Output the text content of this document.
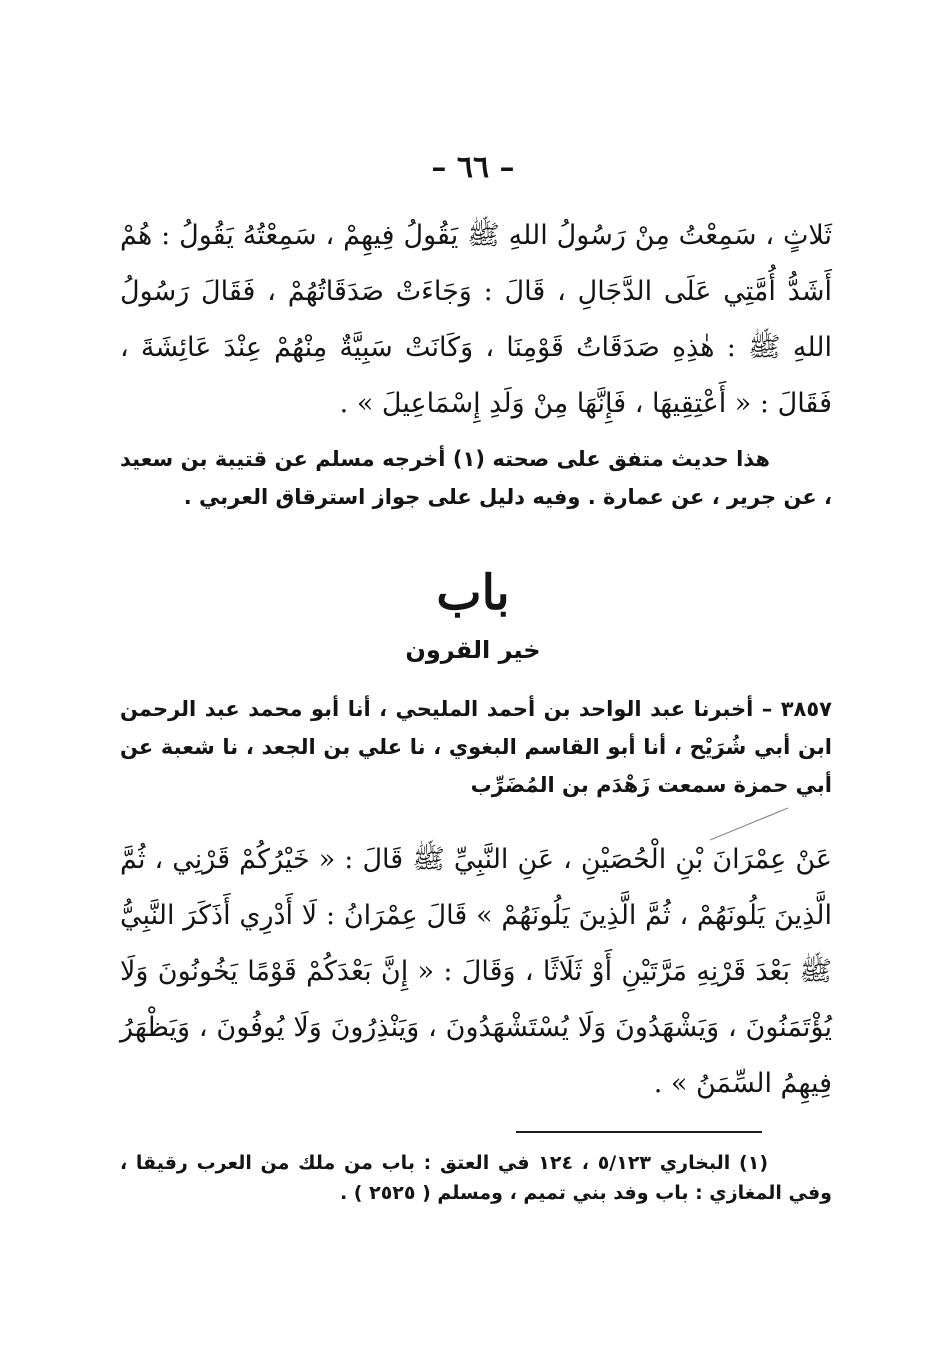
– ٦٦ –

ثَلاثٍ ، سَمِعْتُ مِنْ رَسُولُ اللهِ ﷺ يَقُولُ فِيهِمْ ، سَمِعْتُهُ يَقُولُ : هُمْ أَشَدُّ أُمَّتِي عَلَى الدَّجَالِ ، قَالَ : وَجَاءَتْ صَدَقَاتُهُمْ ، فَقَالَ رَسُولُ اللهِ ﷺ : هٰذِهِ صَدَقَاتُ قَوْمِنَا ، وَكَانَتْ سَبِيَّةٌ مِنْهُمْ عِنْدَ عَائِشَةَ ، فَقَالَ : « أَعْتِقِيهَا ، فَإِنَّهَا مِنْ وَلَدِ إِسْمَاعِيلَ » .

هذا حديث متفق على صحته (١) أخرجه مسلم عن قتيبة بن سعيد ، عن جرير ، عن عمارة . وفيه دليل على جواز استرقاق العربي .

باب
خير القرون

٣٨٥٧ – أخبرنا عبد الواحد بن أحمد المليحي ، أنا أبو محمد عبد الرحمن ابن أبي شُرَيْح ، أنا أبو القاسم البغوي ، نا علي بن الجعد ، نا شعبة عن أبي حمزة سمعت زَهْدَم بن المُضَرِّب

عَنْ عِمْرَانَ بْنِ الْحُصَيْنِ ، عَنِ النَّبِيِّ ﷺ قَالَ : « خَيْرُكُمْ قَرْنِي ، ثُمَّ الَّذِينَ يَلُونَهُمْ ، ثُمَّ الَّذِينَ يَلُونَهُمْ » قَالَ عِمْرَانُ : لَا أَدْرِي أَذَكَرَ النَّبِيُّ ﷺ بَعْدَ قَرْنِهِ مَرَّتَيْنِ أَوْ ثَلَاثًا ، وَقَالَ : « إِنَّ بَعْدَكُمْ قَوْمًا يَخُونُونَ وَلَا يُؤْتَمَنُونَ ، وَيَشْهَدُونَ وَلَا يُسْتَشْهَدُونَ ، وَيَنْذِرُونَ وَلَا يُوفُونَ ، وَيَظْهَرُ فِيهِمُ السِّمَنُ » .

(١) البخاري ٥/١٢٣ ، ١٢٤ في العتق : باب من ملك من العرب رقيقا ، وفي المغازي : باب وفد بني تميم ، ومسلم ( ٢٥٢٥ ) .
